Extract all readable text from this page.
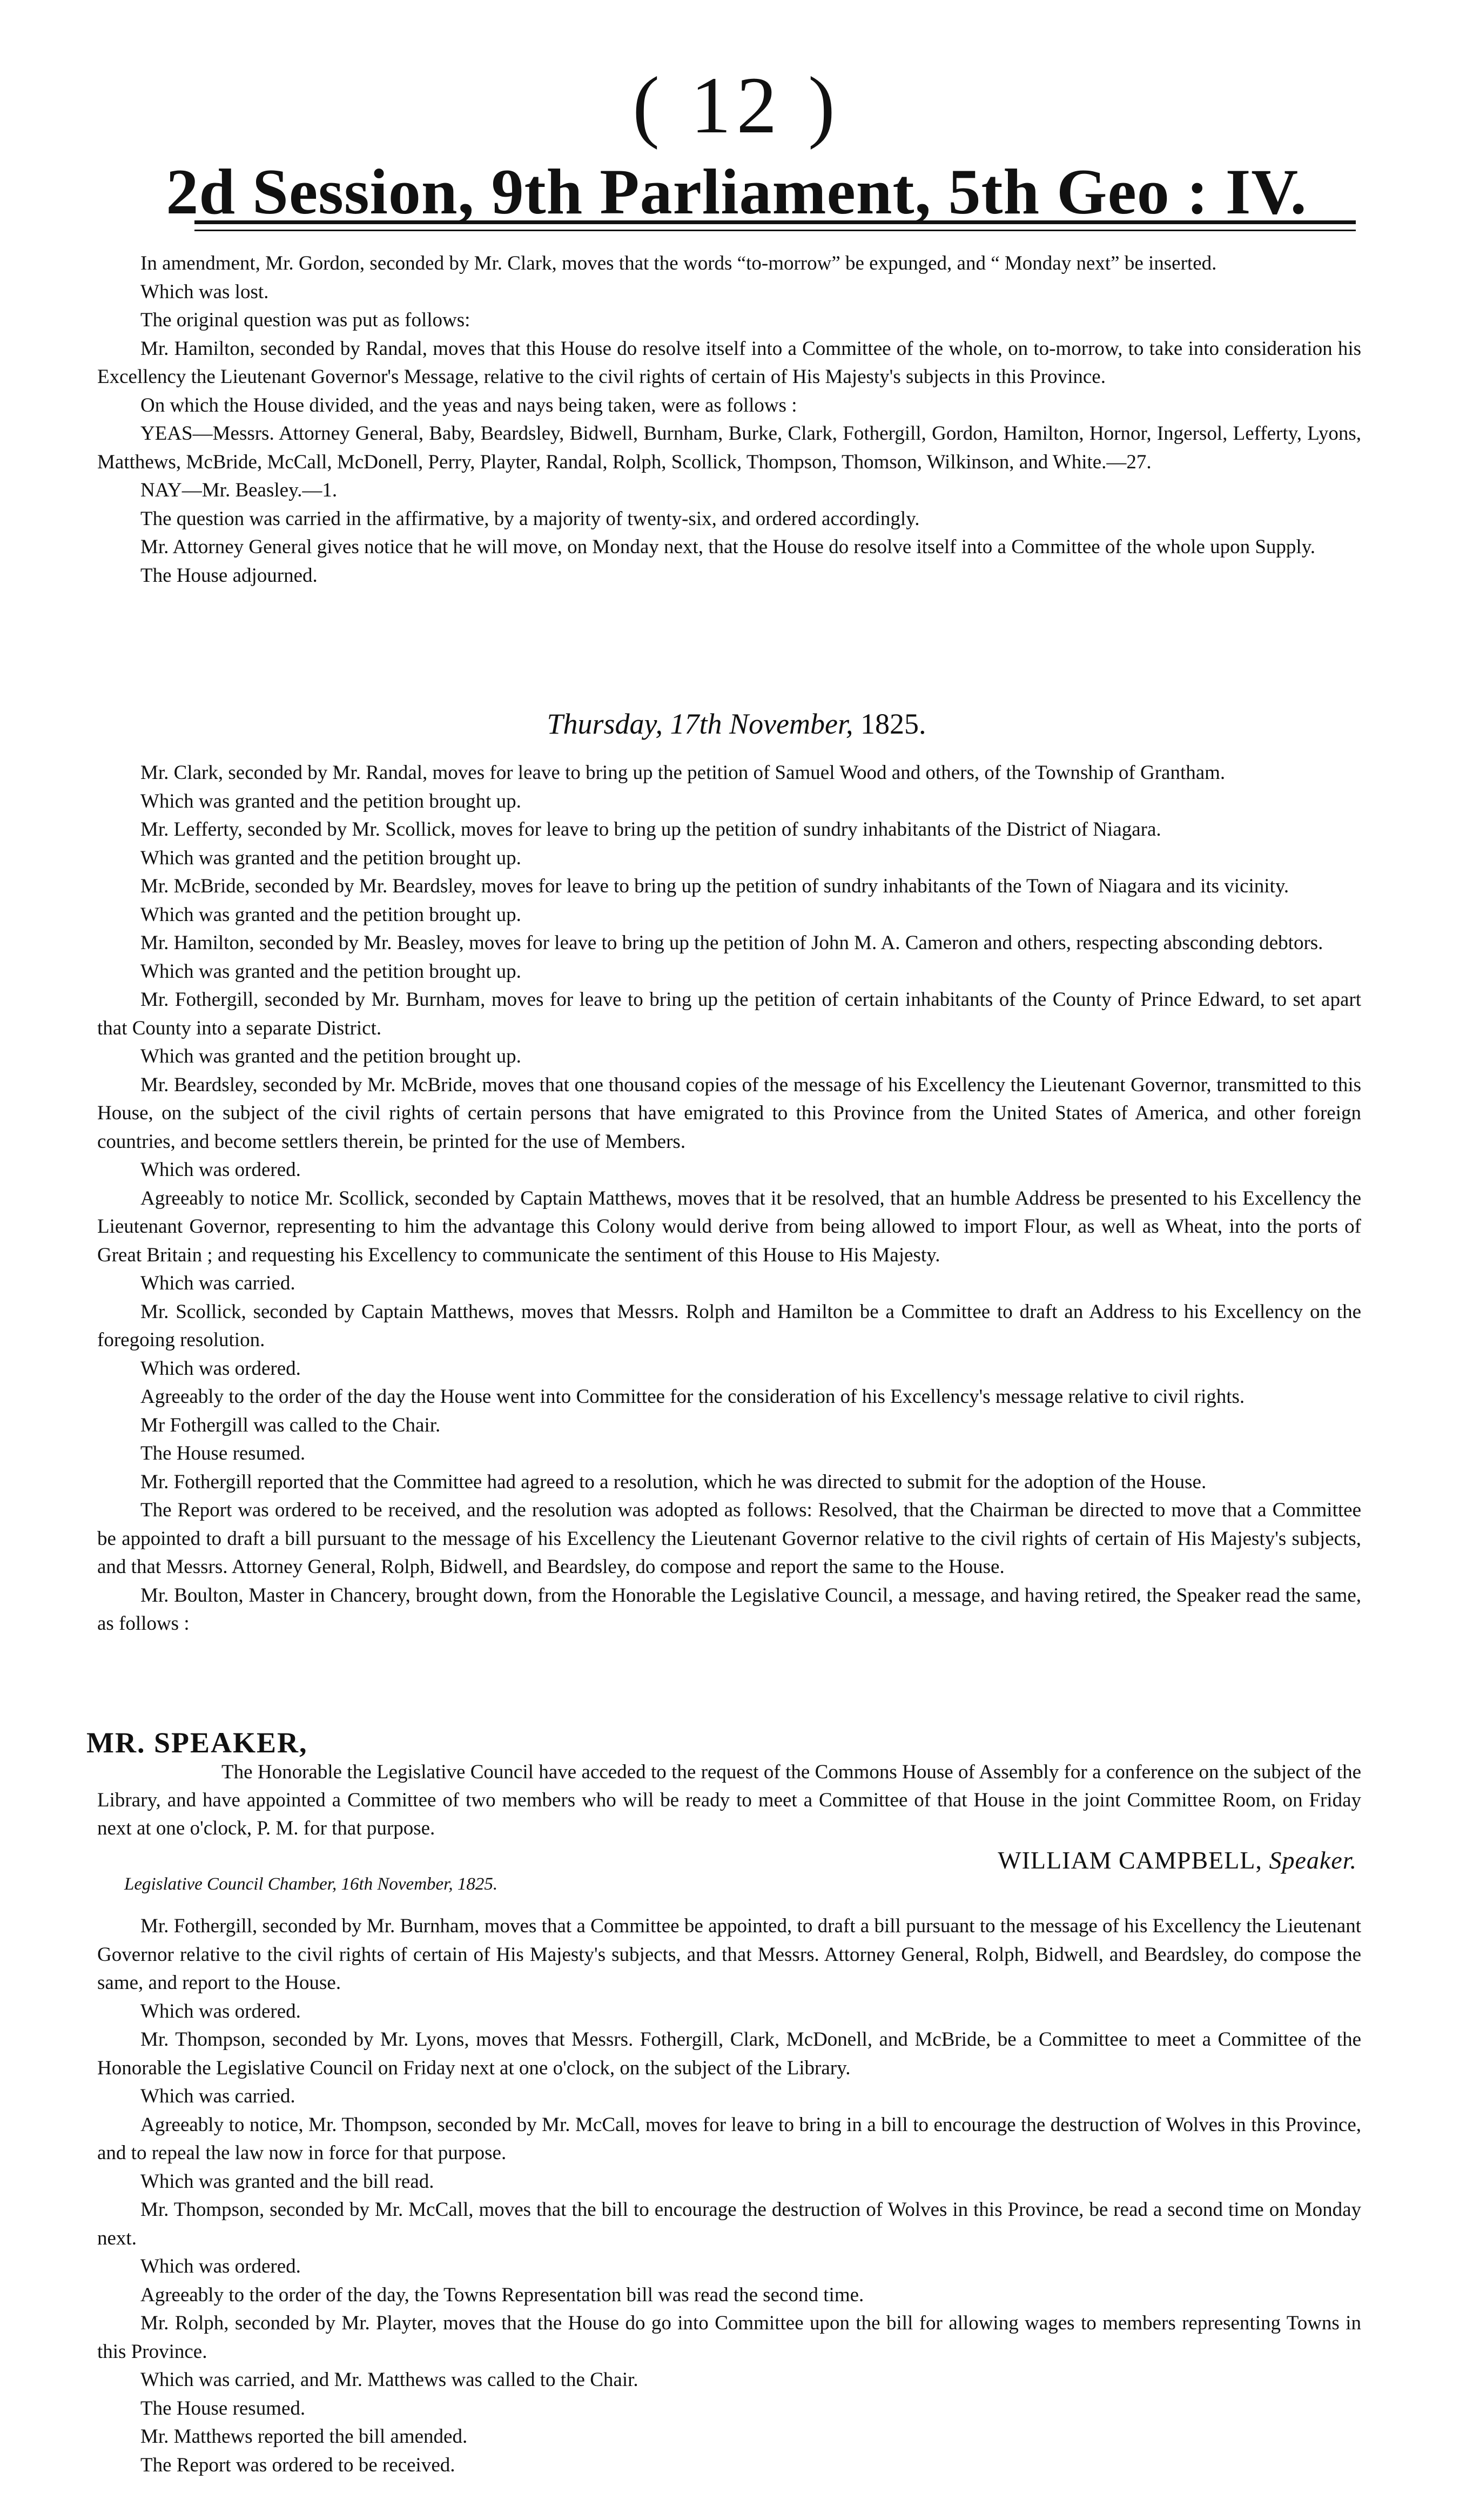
( 12 )
2d Session, 9th Parliament, 5th Geo : IV.

In amendment, Mr. Gordon, seconded by Mr. Clark, moves that the words “to-morrow” be expunged, and “ Monday next” be inserted.

Which was lost.

The original question was put as follows:

Mr. Hamilton, seconded by Randal, moves that this House do resolve itself into a Committee of the whole, on to-morrow, to take into consideration his Excellency the Lieutenant Governor's Message, relative to the civil rights of certain of His Majesty's subjects in this Province.

On which the House divided, and the yeas and nays being taken, were as follows :

YEAS—Messrs. Attorney General, Baby, Beardsley, Bidwell, Burnham, Burke, Clark, Fothergill, Gordon, Hamilton, Hornor, Ingersol, Lefferty, Lyons, Matthews, McBride, McCall, McDonell, Perry, Playter, Randal, Rolph, Scollick, Thompson, Thomson, Wilkinson, and White.—27.

NAY—Mr. Beasley.—1.

The question was carried in the affirmative, by a majority of twenty-six, and ordered accordingly.

Mr. Attorney General gives notice that he will move, on Monday next, that the House do resolve itself into a Committee of the whole upon Supply.

The House adjourned.

Thursday, 17th November, 1825.

Mr. Clark, seconded by Mr. Randal, moves for leave to bring up the petition of Samuel Wood and others, of the Township of Grantham.

Which was granted and the petition brought up.

Mr. Lefferty, seconded by Mr. Scollick, moves for leave to bring up the petition of sundry inhabitants of the District of Niagara.

Which was granted and the petition brought up.

Mr. McBride, seconded by Mr. Beardsley, moves for leave to bring up the petition of sundry inhabitants of the Town of Niagara and its vicinity.

Which was granted and the petition brought up.

Mr. Hamilton, seconded by Mr. Beasley, moves for leave to bring up the petition of John M. A. Cameron and others, respecting absconding debtors.

Which was granted and the petition brought up.

Mr. Fothergill, seconded by Mr. Burnham, moves for leave to bring up the petition of certain inhabitants of the County of Prince Edward, to set apart that County into a separate District.

Which was granted and the petition brought up.

Mr. Beardsley, seconded by Mr. McBride, moves that one thousand copies of the message of his Excellency the Lieutenant Governor, transmitted to this House, on the subject of the civil rights of certain persons that have emigrated to this Province from the United States of America, and other foreign countries, and become settlers therein, be printed for the use of Members.

Which was ordered.

Agreeably to notice Mr. Scollick, seconded by Captain Matthews, moves that it be resolved, that an humble Address be presented to his Excellency the Lieutenant Governor, representing to him the advantage this Colony would derive from being allowed to import Flour, as well as Wheat, into the ports of Great Britain ; and requesting his Excellency to communicate the sentiment of this House to His Majesty.

Which was carried.

Mr. Scollick, seconded by Captain Matthews, moves that Messrs. Rolph and Hamilton be a Committee to draft an Address to his Excellency on the foregoing resolution.

Which was ordered.

Agreeably to the order of the day the House went into Committee for the consideration of his Excellency's message relative to civil rights.

Mr Fothergill was called to the Chair.

The House resumed.

Mr. Fothergill reported that the Committee had agreed to a resolution, which he was directed to submit for the adoption of the House.

The Report was ordered to be received, and the resolution was adopted as follows: Resolved, that the Chairman be directed to move that a Committee be appointed to draft a bill pursuant to the message of his Excellency the Lieutenant Governor relative to the civil rights of certain of His Majesty's subjects, and that Messrs. Attorney General, Rolph, Bidwell, and Beardsley, do compose and report the same to the House.

Mr. Boulton, Master in Chancery, brought down, from the Honorable the Legislative Council, a message, and having retired, the Speaker read the same, as follows :

MR. SPEAKER,

The Honorable the Legislative Council have acceded to the request of the Commons House of Assembly for a conference on the subject of the Library, and have appointed a Committee of two members who will be ready to meet a Committee of that House in the joint Committee Room, on Friday next at one o'clock, P. M. for that purpose.

WILLIAM CAMPBELL, Speaker.
Legislative Council Chamber, 16th November, 1825.

Mr. Fothergill, seconded by Mr. Burnham, moves that a Committee be appointed, to draft a bill pursuant to the message of his Excellency the Lieutenant Governor relative to the civil rights of certain of His Majesty's subjects, and that Messrs. Attorney General, Rolph, Bidwell, and Beardsley, do compose the same, and report to the House.

Which was ordered.

Mr. Thompson, seconded by Mr. Lyons, moves that Messrs. Fothergill, Clark, McDonell, and McBride, be a Committee to meet a Committee of the Honorable the Legislative Council on Friday next at one o'clock, on the subject of the Library.

Which was carried.

Agreeably to notice, Mr. Thompson, seconded by Mr. McCall, moves for leave to bring in a bill to encourage the destruction of Wolves in this Province, and to repeal the law now in force for that purpose.

Which was granted and the bill read.

Mr. Thompson, seconded by Mr. McCall, moves that the bill to encourage the destruction of Wolves in this Province, be read a second time on Monday next.

Which was ordered.

Agreeably to the order of the day, the Towns Representation bill was read the second time.

Mr. Rolph, seconded by Mr. Playter, moves that the House do go into Committee upon the bill for allowing wages to members representing Towns in this Province.

Which was carried, and Mr. Matthews was called to the Chair.

The House resumed.

Mr. Matthews reported the bill amended.

The Report was ordered to be received.
